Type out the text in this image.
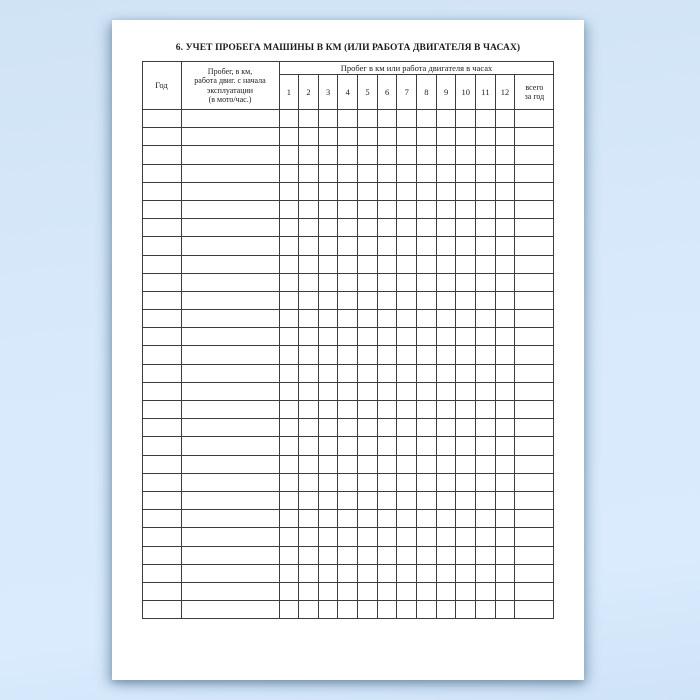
6. УЧЕТ ПРОБЕГА МАШИНЫ В КМ (ИЛИ РАБОТА ДВИГАТЕЛЯ В ЧАСАХ)
Год	Пробег, в км,
работа двиг. с начала
эксплуатации
(в мото/час.)	Пробег в км или работа двигателя в часах												
		1	2	3	4	5	6	7	8	9	10	11	12	всего
за год
